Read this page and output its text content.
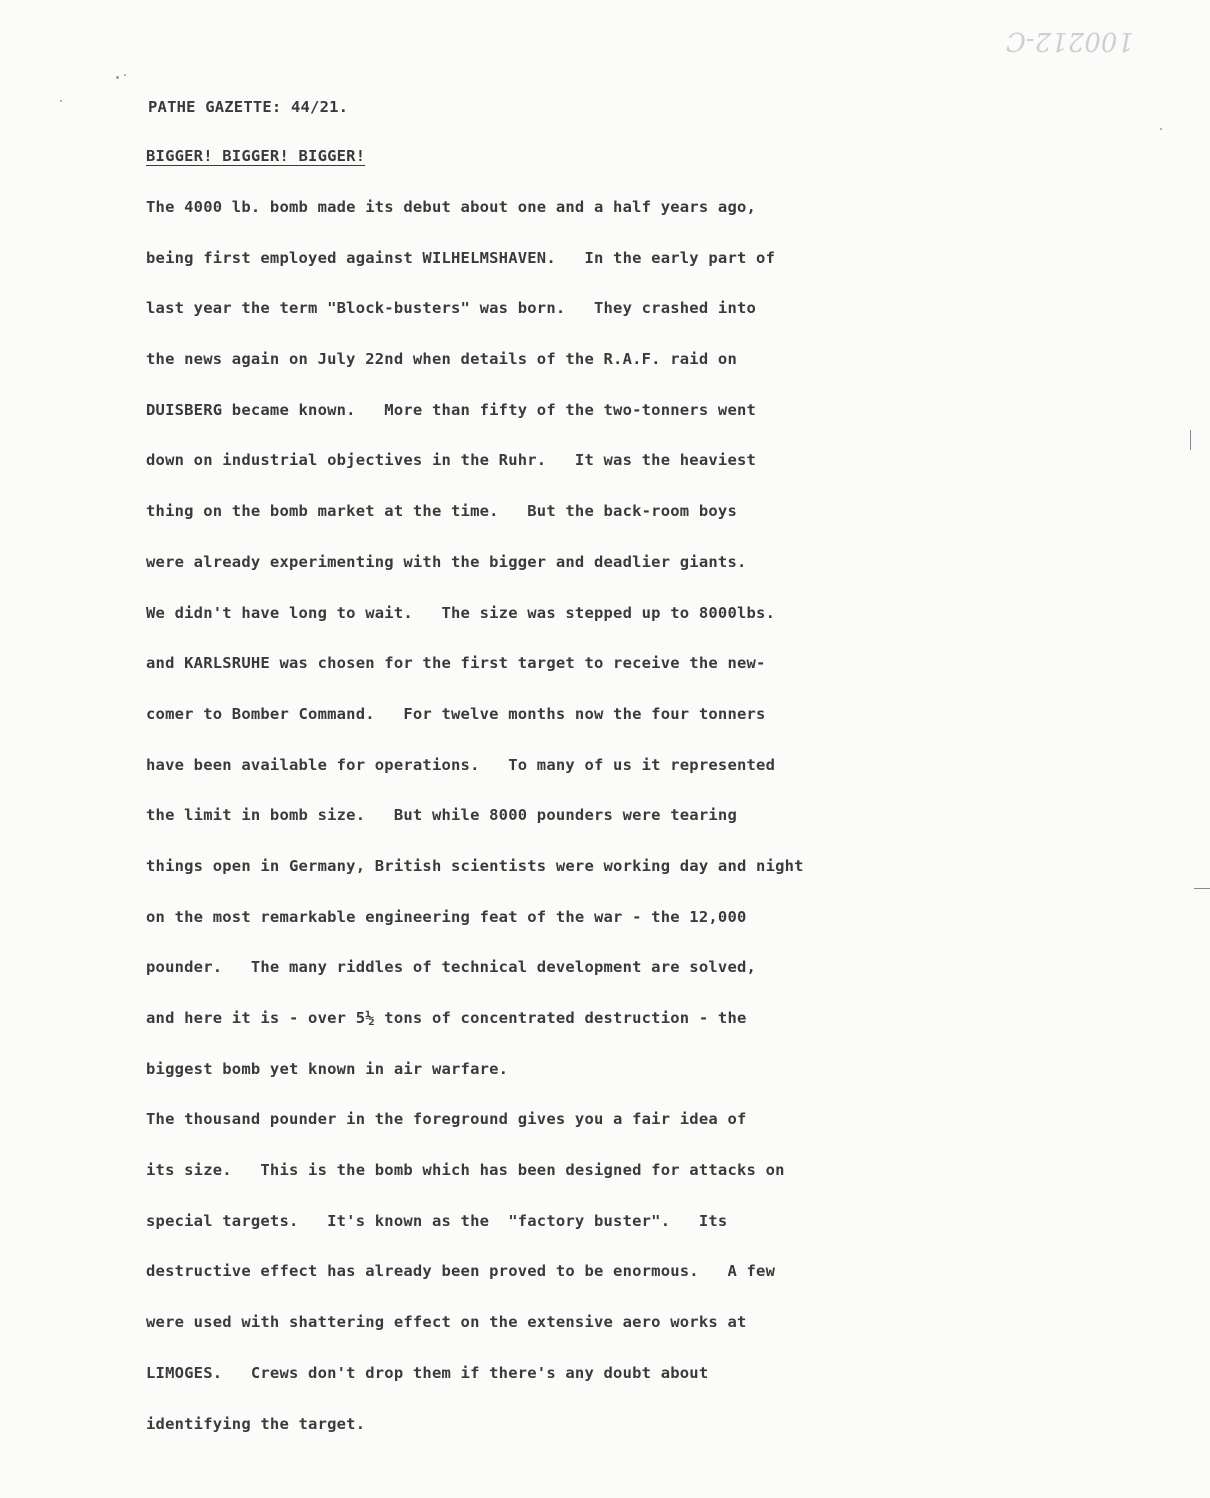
100212-C
PATHE GAZETTE: 44/21.
BIGGER! BIGGER! BIGGER!
The 4000 lb. bomb made its debut about one and a half years ago,
being first employed against WILHELMSHAVEN.   In the early part of
last year the term "Block-busters" was born.   They crashed into
the news again on July 22nd when details of the R.A.F. raid on
DUISBERG became known.   More than fifty of the two-tonners went
down on industrial objectives in the Ruhr.   It was the heaviest
thing on the bomb market at the time.   But the back-room boys
were already experimenting with the bigger and deadlier giants.
We didn't have long to wait.   The size was stepped up to 8000lbs.
and KARLSRUHE was chosen for the first target to receive the new-
comer to Bomber Command.   For twelve months now the four tonners
have been available for operations.   To many of us it represented
the limit in bomb size.   But while 8000 pounders were tearing
things open in Germany, British scientists were working day and night
on the most remarkable engineering feat of the war - the 12,000
pounder.   The many riddles of technical development are solved,
and here it is - over 5½ tons of concentrated destruction - the
biggest bomb yet known in air warfare.
The thousand pounder in the foreground gives you a fair idea of
its size.   This is the bomb which has been designed for attacks on
special targets.   It's known as the  "factory buster".   Its
destructive effect has already been proved to be enormous.   A few
were used with shattering effect on the extensive aero works at
LIMOGES.   Crews don't drop them if there's any doubt about
identifying the target.
